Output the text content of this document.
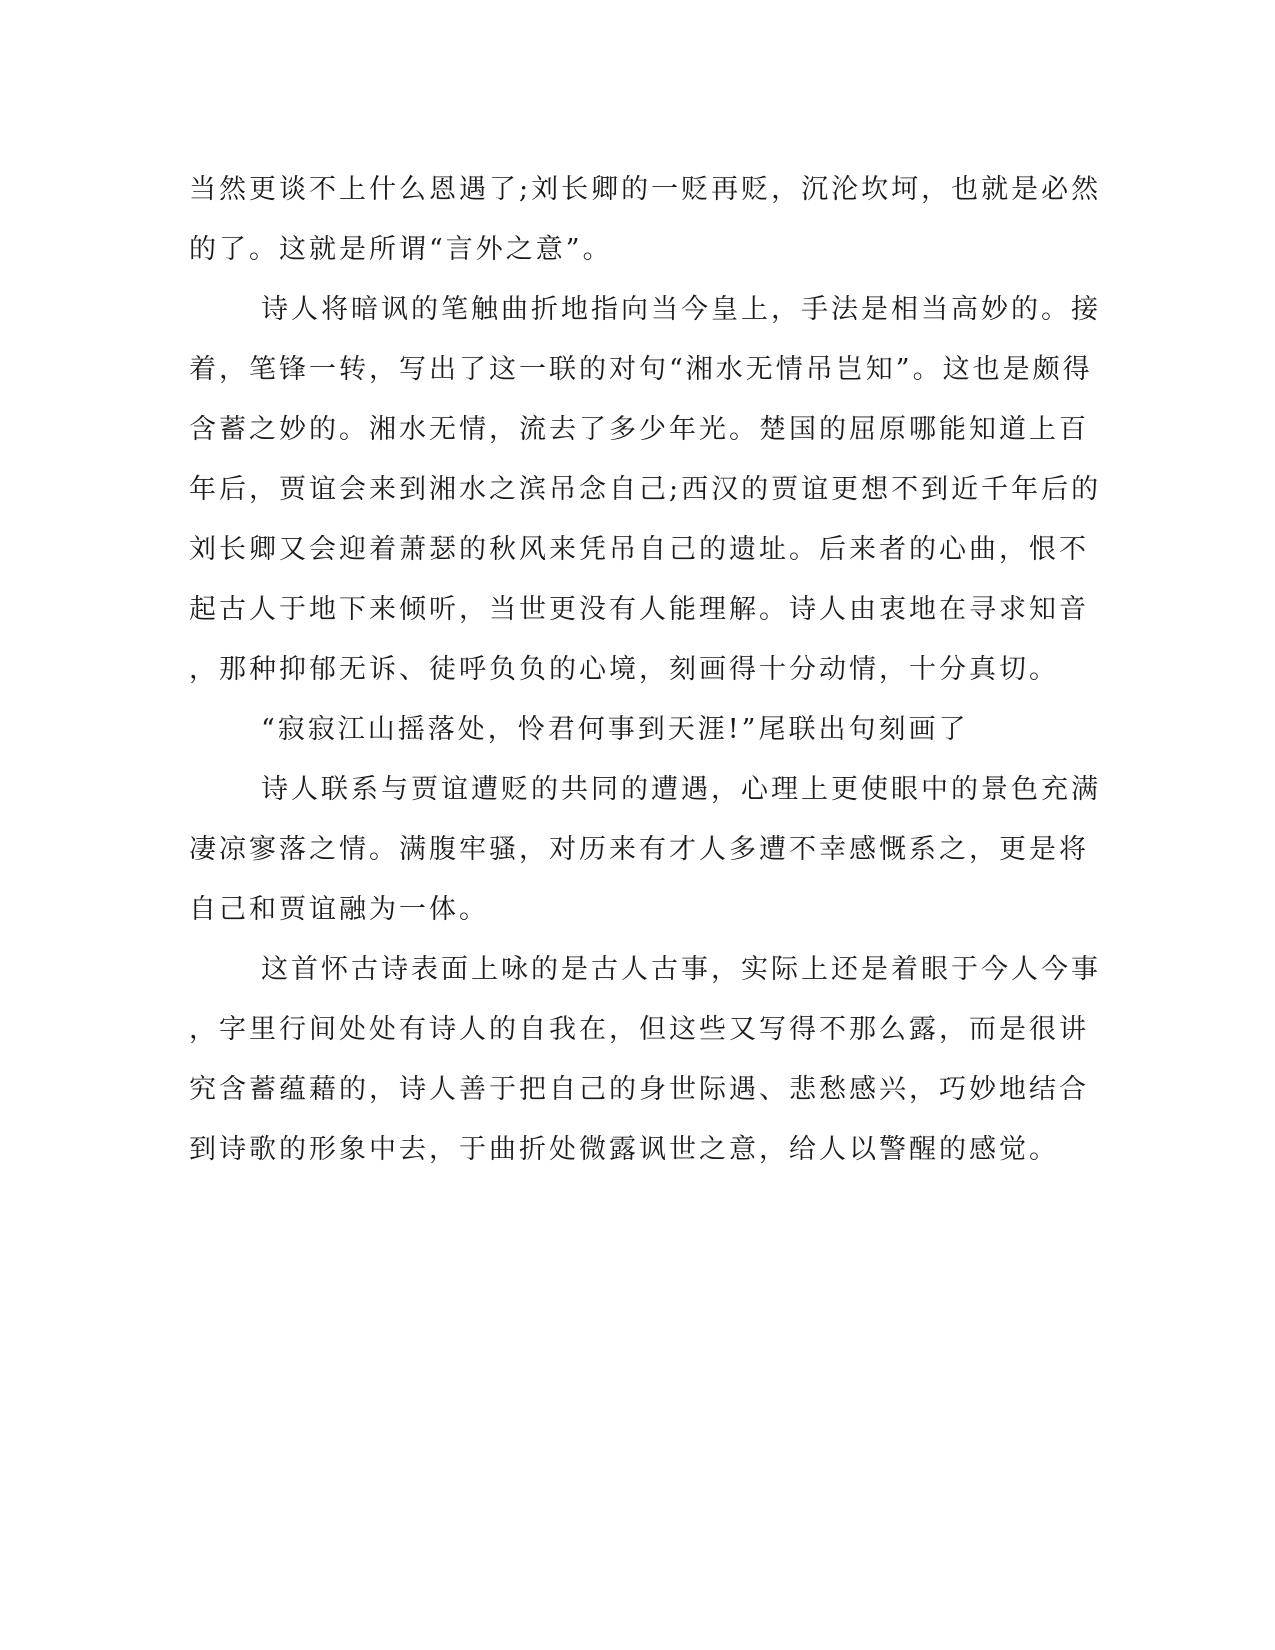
当然更谈不上什么恩遇了;刘长卿的一贬再贬，沉沦坎坷，也就是必然
的了。这就是所谓“言外之意”。
诗人将暗讽的笔触曲折地指向当今皇上，手法是相当高妙的。接
着，笔锋一转，写出了这一联的对句“湘水无情吊岂知”。这也是颇得
含蓄之妙的。湘水无情，流去了多少年光。楚国的屈原哪能知道上百
年后，贾谊会来到湘水之滨吊念自己;西汉的贾谊更想不到近千年后的
刘长卿又会迎着萧瑟的秋风来凭吊自己的遗址。后来者的心曲，恨不
起古人于地下来倾听，当世更没有人能理解。诗人由衷地在寻求知音
，那种抑郁无诉、徒呼负负的心境，刻画得十分动情，十分真切。
“寂寂江山摇落处，怜君何事到天涯!”尾联出句刻画了
诗人联系与贾谊遭贬的共同的遭遇，心理上更使眼中的景色充满
凄凉寥落之情。满腹牢骚，对历来有才人多遭不幸感慨系之，更是将
自己和贾谊融为一体。
这首怀古诗表面上咏的是古人古事，实际上还是着眼于今人今事
，字里行间处处有诗人的自我在，但这些又写得不那么露，而是很讲
究含蓄蕴藉的，诗人善于把自己的身世际遇、悲愁感兴，巧妙地结合
到诗歌的形象中去，于曲折处微露讽世之意，给人以警醒的感觉。
